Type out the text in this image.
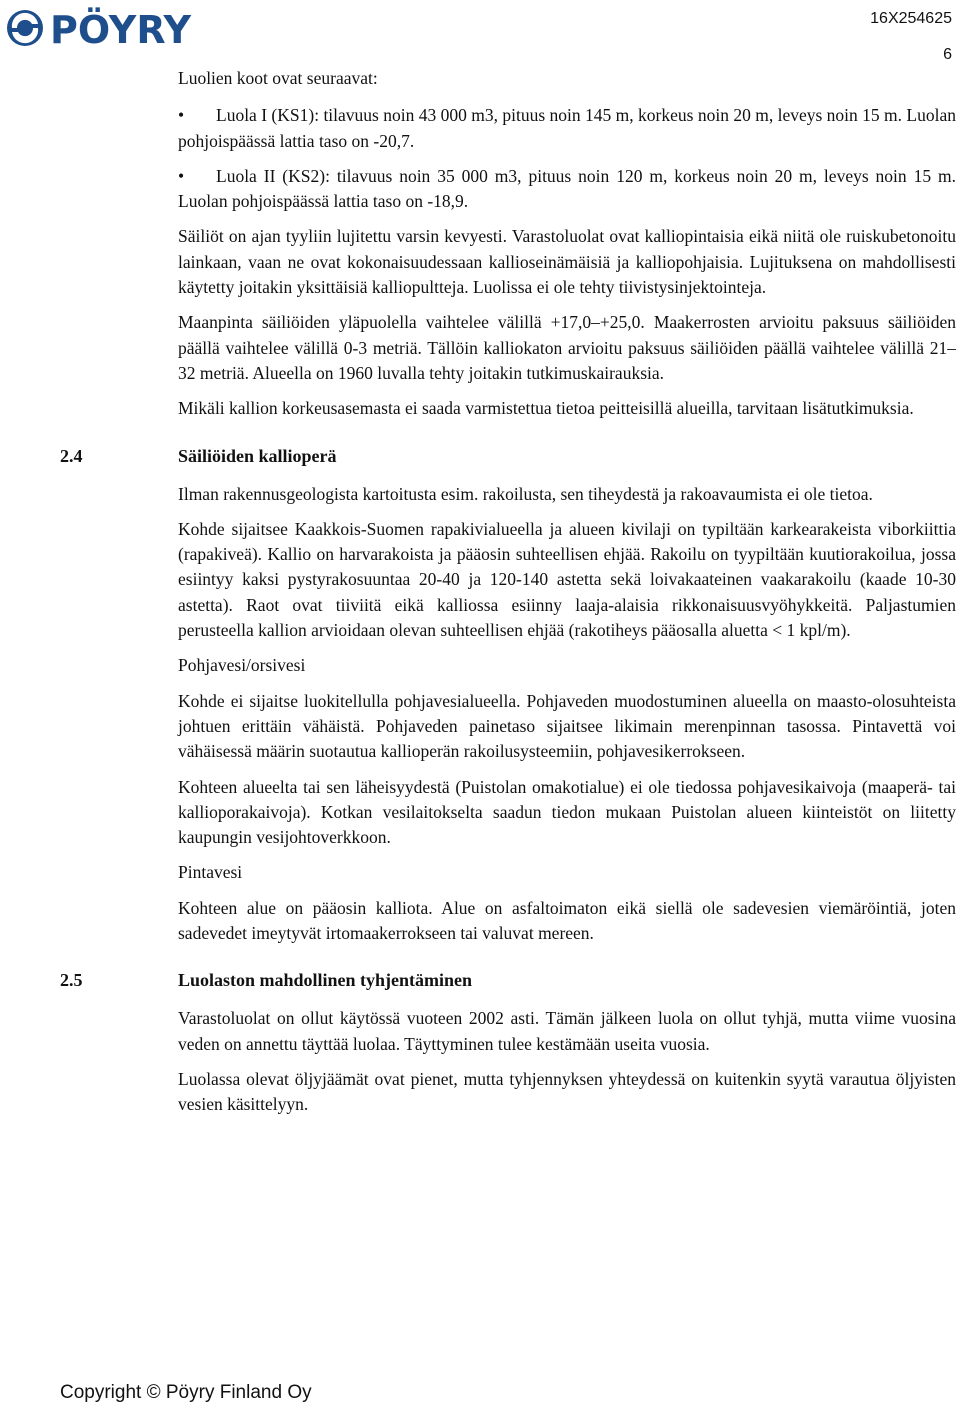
PÖYRY	16X254625
6

Luolien koot ovat seuraavat:

• Luola I (KS1): tilavuus noin 43 000 m3, pituus noin 145 m, korkeus noin 20 m, leveys noin 15 m. Luolan pohjoispäässä lattia taso on -20,7.
• Luola II (KS2): tilavuus noin 35 000 m3, pituus noin 120 m, korkeus noin 20 m, leveys noin 15 m. Luolan pohjoispäässä lattia taso on -18,9.

Säiliöt on ajan tyyliin lujitettu varsin kevyesti. Varastoluolat ovat kalliopintaisia eikä niitä ole ruiskubetonoitu lainkaan, vaan ne ovat kokonaisuudessaan kallioseinämäisiä ja kalliopohjaisia. Lujituksena on mahdollisesti käytetty joitakin yksittäisiä kalliopultteja. Luolissa ei ole tehty tiivistysinjektointeja.

Maanpinta säiliöiden yläpuolella vaihtelee välillä +17,0–+25,0. Maakerrosten arvioitu paksuus säiliöiden päällä vaihtelee välillä 0-3 metriä. Tällöin kalliokaton arvioitu paksuus säiliöiden päällä vaihtelee välillä 21–32 metriä. Alueella on 1960 luvalla tehty joitakin tutkimuskairauksia.

Mikäli kallion korkeusasemasta ei saada varmistettua tietoa peitteisillä alueilla, tarvitaan lisätutkimuksia.

2.4	Säiliöiden kallioperä

Ilman rakennusgeologista kartoitusta esim. rakoilusta, sen tiheydestä ja rakoavaumista ei ole tietoa.

Kohde sijaitsee Kaakkois-Suomen rapakivialueella ja alueen kivilaji on typiltään karkearakeista viborkiittia (rapakiveä). Kallio on harvarakoista ja pääosin suhteellisen ehjää. Rakoilu on tyypiltään kuutiorakoilua, jossa esiintyy kaksi pystyrakosuuntaa 20-40 ja 120-140 astetta sekä loivakaateinen vaakarakoilu (kaade 10-30 astetta). Raot ovat tiiviitä eikä kalliossa esiinny laaja-alaisia rikkonaisuusvyöhykkeitä. Paljastumien perusteella kallion arvioidaan olevan suhteellisen ehjää (rakotiheys pääosalla aluetta < 1 kpl/m).

Pohjavesi/orsivesi

Kohde ei sijaitse luokitellulla pohjavesialueella. Pohjaveden muodostuminen alueella on maasto-olosuhteista johtuen erittäin vähäistä. Pohjaveden painetaso sijaitsee likimain merenpinnan tasossa. Pintavettä voi vähäisessä määrin suotautua kallioperän rakoilusysteemiin, pohjavesikerrokseen.

Kohteen alueelta tai sen läheisyydestä (Puistolan omakotialue) ei ole tiedossa pohjavesikaivoja (maaperä- tai kallioporakaivoja). Kotkan vesilaitokselta saadun tiedon mukaan Puistolan alueen kiinteistöt on liitetty kaupungin vesijohtoverkkoon.

Pintavesi

Kohteen alue on pääosin kalliota. Alue on asfaltoimaton eikä siellä ole sadevesien viemäröintiä, joten sadevedet imeytyvät irtomaakerrokseen tai valuvat mereen.

2.5	Luolaston mahdollinen tyhjentäminen

Varastoluolat on ollut käytössä vuoteen 2002 asti. Tämän jälkeen luola on ollut tyhjä, mutta viime vuosina veden on annettu täyttää luolaa. Täyttyminen tulee kestämään useita vuosia.

Luolassa olevat öljyjäämät ovat pienet, mutta tyhjennyksen yhteydessä on kuitenkin syytä varautua öljyisten vesien käsittelyyn.

Copyright © Pöyry Finland Oy
